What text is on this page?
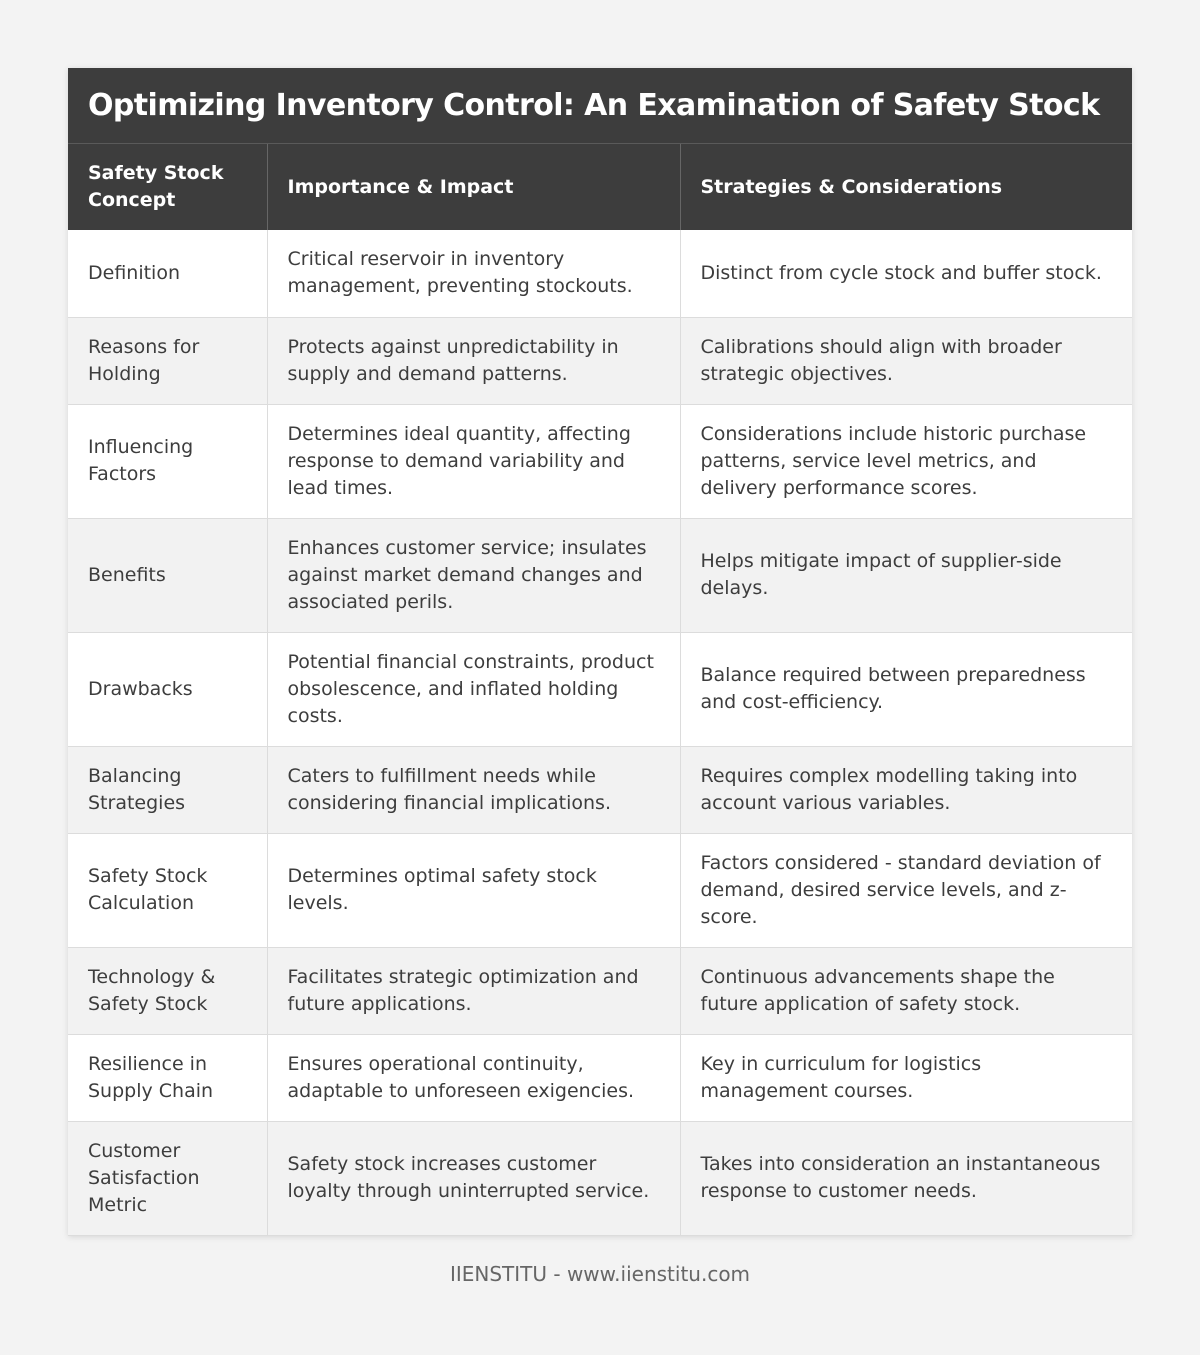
Optimizing Inventory Control: An Examination of Safety Stock
Safety Stock Concept	Importance & Impact	Strategies & Considerations
Definition	Critical reservoir in inventory management, preventing stockouts.	Distinct from cycle stock and buffer stock.
Reasons for Holding	Protects against unpredictability in supply and demand patterns.	Calibrations should align with broader strategic objectives.
Influencing Factors	Determines ideal quantity, affecting response to demand variability and lead times.	Considerations include historic purchase patterns, service level metrics, and delivery performance scores.
Benefits	Enhances customer service; insulates against market demand changes and associated perils.	Helps mitigate impact of supplier-side delays.
Drawbacks	Potential financial constraints, product obsolescence, and inflated holding costs.	Balance required between preparedness and cost-efficiency.
Balancing Strategies	Caters to fulfillment needs while considering financial implications.	Requires complex modelling taking into account various variables.
Safety Stock Calculation	Determines optimal safety stock levels.	Factors considered - standard deviation of demand, desired service levels, and z-score.
Technology & Safety Stock	Facilitates strategic optimization and future applications.	Continuous advancements shape the future application of safety stock.
Resilience in Supply Chain	Ensures operational continuity, adaptable to unforeseen exigencies.	Key in curriculum for logistics management courses.
Customer Satisfaction Metric	Safety stock increases customer loyalty through uninterrupted service.	Takes into consideration an instantaneous response to customer needs.
IIENSTITU - www.iienstitu.com
